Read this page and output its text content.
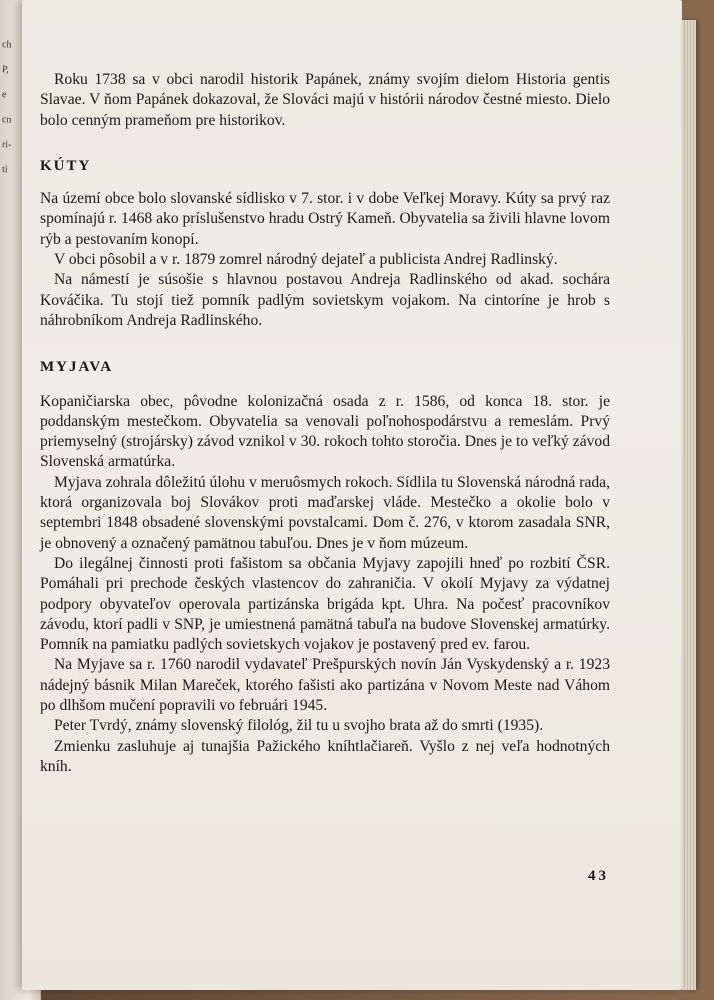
ch
P,
e
cn
ri-
ti

Roku 1738 sa v obci narodil historik Papánek, známy svojím dielom Historia gentis Slavae. V ňom Papánek dokazoval, že Slováci majú v histórii národov čestné miesto. Dielo bolo cenným prameňom pre historikov.

KÚTY

Na území obce bolo slovanské sídlisko v 7. stor. i v dobe Veľkej Moravy. Kúty sa prvý raz spomínajú r. 1468 ako príslušenstvo hradu Ostrý Kameň. Obyvatelia sa živili hlavne lovom rýb a pestovaním konopí.

V obci pôsobil a v r. 1879 zomrel národný dejateľ a publicista Andrej Radlinský.

Na námestí je súsošie s hlavnou postavou Andreja Radlinského od akad. sochára Kováčika. Tu stojí tiež pomník padlým sovietskym vojakom. Na cintoríne je hrob s náhrobníkom Andreja Radlinského.

MYJAVA

Kopaničiarska obec, pôvodne kolonizačná osada z r. 1586, od konca 18. stor. je poddanským mestečkom. Obyvatelia sa venovali poľnohospodárstvu a remeslám. Prvý priemyselný (strojársky) závod vznikol v 30. rokoch tohto storočia. Dnes je to veľký závod Slovenská armatúrka.

Myjava zohrala dôležitú úlohu v meruôsmych rokoch. Sídlila tu Slovenská národná rada, ktorá organizovala boj Slovákov proti maďarskej vláde. Mestečko a okolie bolo v septembri 1848 obsadené slovenskými povstalcami. Dom č. 276, v ktorom zasadala SNR, je obnovený a označený pamätnou tabuľou. Dnes je v ňom múzeum.

Do ilegálnej činnosti proti fašistom sa občania Myjavy zapojili hneď po rozbití ČSR. Pomáhali pri prechode českých vlastencov do zahraničia. V okolí Myjavy za výdatnej podpory obyvateľov operovala partizánska brigáda kpt. Uhra. Na počesť pracovníkov závodu, ktorí padli v SNP, je umiestnená pamätná tabuľa na budove Slovenskej armatúrky. Pomník na pamiatku padlých sovietskych vojakov je postavený pred ev. farou.

Na Myjave sa r. 1760 narodil vydavateľ Prešpurských novín Ján Vyskydenský a r. 1923 nádejný básnik Milan Mareček, ktorého fašisti ako partizána v Novom Meste nad Váhom po dlhšom mučení popravili vo februári 1945.

Peter Tvrdý, známy slovenský filológ, žil tu u svojho brata až do smrti (1935).

Zmienku zasluhuje aj tunajšia Pažického kníhtlačiareň. Vyšlo z nej veľa hodnotných kníh.

43
